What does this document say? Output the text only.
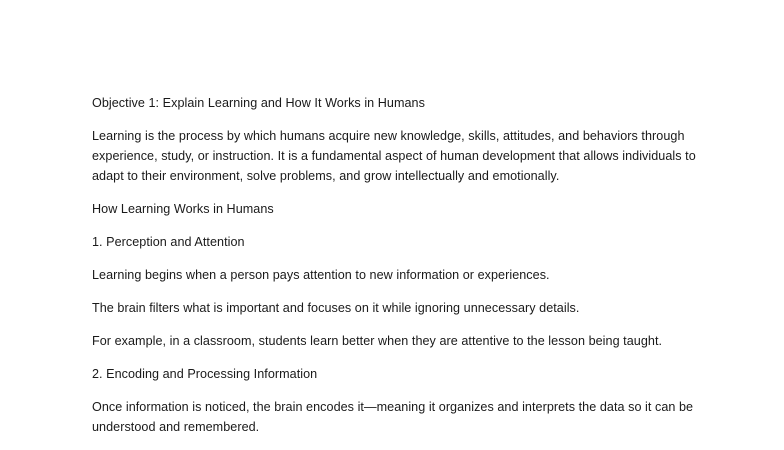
Objective 1: Explain Learning and How It Works in Humans

Learning is the process by which humans acquire new knowledge, skills, attitudes, and behaviors through experience, study, or instruction. It is a fundamental aspect of human development that allows individuals to adapt to their environment, solve problems, and grow intellectually and emotionally.

How Learning Works in Humans

1. Perception and Attention

Learning begins when a person pays attention to new information or experiences.

The brain filters what is important and focuses on it while ignoring unnecessary details.

For example, in a classroom, students learn better when they are attentive to the lesson being taught.

2. Encoding and Processing Information

Once information is noticed, the brain encodes it—meaning it organizes and interprets the data so it can be understood and remembered.
